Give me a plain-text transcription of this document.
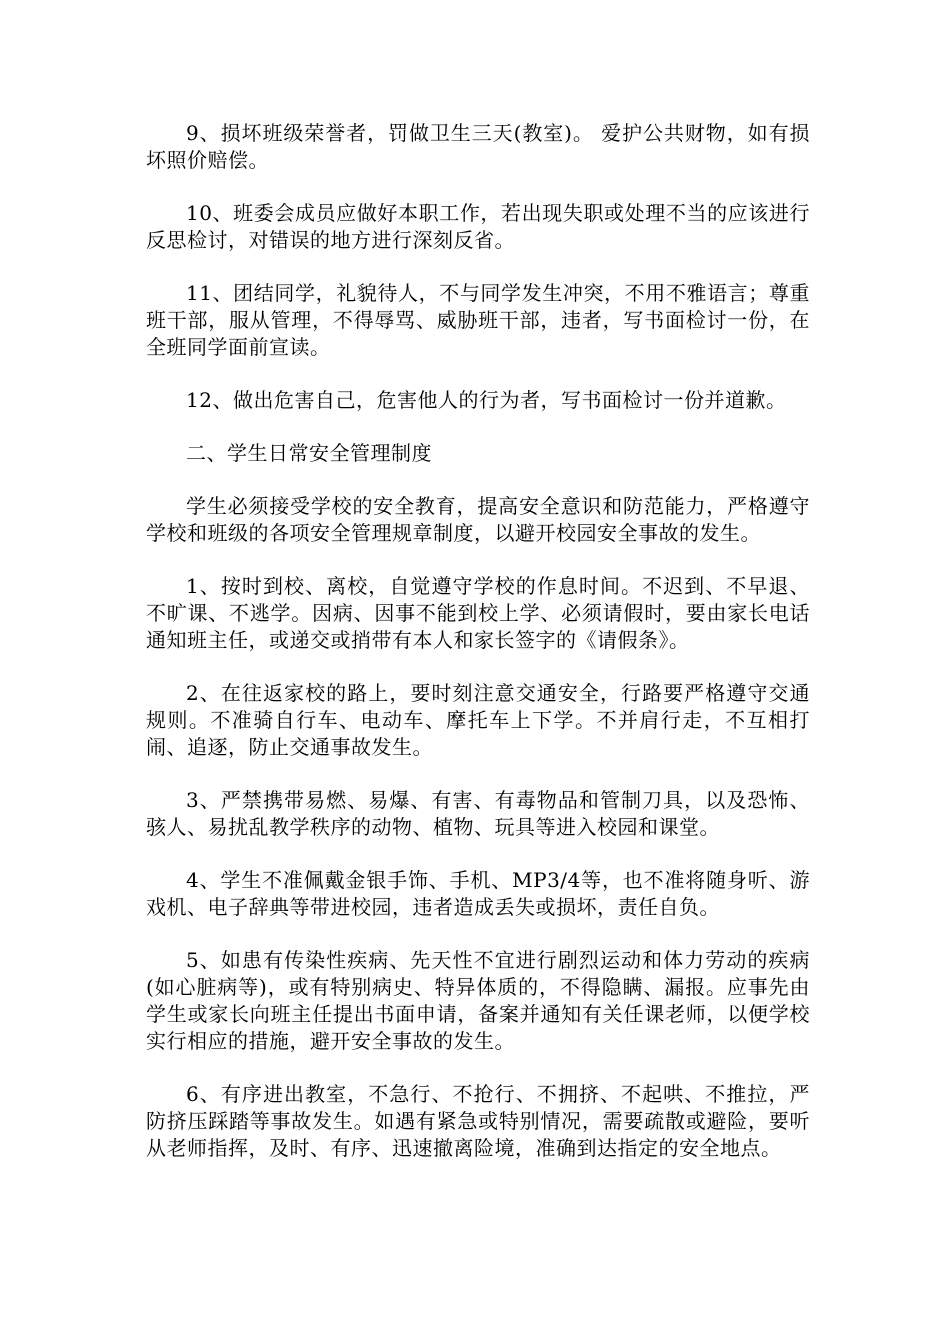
9、损坏班级荣誉者，罚做卫生三天(教室)。 爱护公共财物，如有损坏照价赔偿。

10、班委会成员应做好本职工作，若出现失职或处理不当的应该进行反思检讨，对错误的地方进行深刻反省。

11、团结同学，礼貌待人，不与同学发生冲突，不用不雅语言；尊重班干部，服从管理，不得辱骂、威胁班干部，违者，写书面检讨一份，在全班同学面前宣读。

12、做出危害自己，危害他人的行为者，写书面检讨一份并道歉。

二、学生日常安全管理制度

学生必须接受学校的安全教育，提高安全意识和防范能力，严格遵守学校和班级的各项安全管理规章制度，以避开校园安全事故的发生。

1、按时到校、离校，自觉遵守学校的作息时间。不迟到、不早退、不旷课、不逃学。因病、因事不能到校上学、必须请假时，要由家长电话通知班主任，或递交或捎带有本人和家长签字的《请假条》。

2、在往返家校的路上，要时刻注意交通安全，行路要严格遵守交通规则。不准骑自行车、电动车、摩托车上下学。不并肩行走，不互相打闹、追逐，防止交通事故发生。

3、严禁携带易燃、易爆、有害、有毒物品和管制刀具，以及恐怖、骇人、易扰乱教学秩序的动物、植物、玩具等进入校园和课堂。

4、学生不准佩戴金银手饰、手机、MP3/4等，也不准将随身听、游戏机、电子辞典等带进校园，违者造成丢失或损坏，责任自负。

5、如患有传染性疾病、先天性不宜进行剧烈运动和体力劳动的疾病(如心脏病等)，或有特别病史、特异体质的，不得隐瞒、漏报。应事先由学生或家长向班主任提出书面申请，备案并通知有关任课老师，以便学校实行相应的措施，避开安全事故的发生。

6、有序进出教室，不急行、不抢行、不拥挤、不起哄、不推拉，严防挤压踩踏等事故发生。如遇有紧急或特别情况，需要疏散或避险，要听从老师指挥，及时、有序、迅速撤离险境，准确到达指定的安全地点。
